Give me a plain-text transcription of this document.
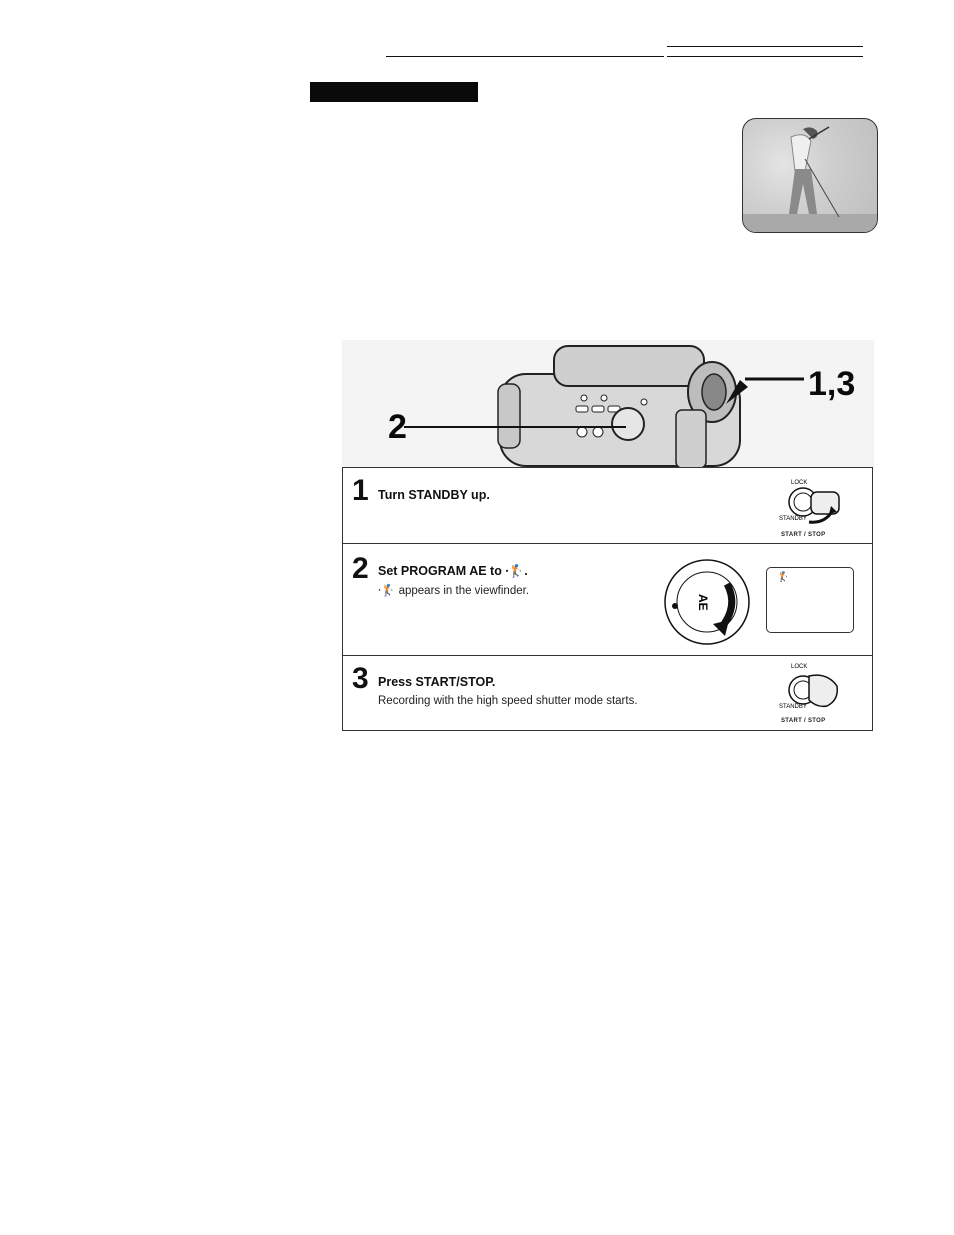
1,3
2
1 Turn STANDBY up.
LOCK
STANDBY
START / STOP
2 Set PROGRAM AE to ⸱🏌.
⸱🏌 appears in the viewfinder.
AE
🏌
3 Press START/STOP.
Recording with the high speed shutter mode starts.
LOCK
STANDBY
START / STOP
